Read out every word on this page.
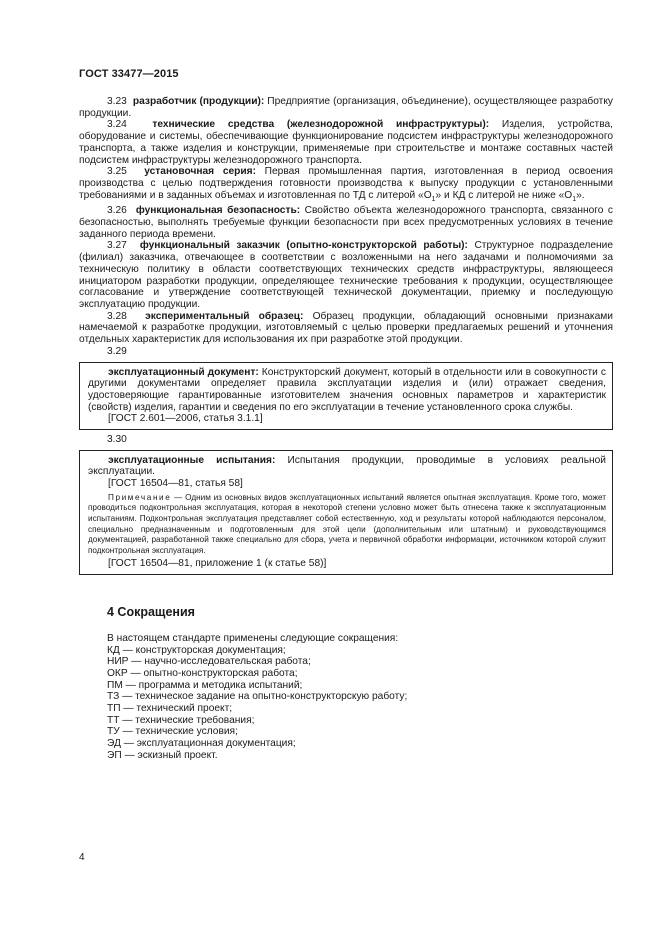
ГОСТ 33477—2015

3.23 разработчик (продукции): Предприятие (организация, объединение), осуществляющее разработку продукции.

3.24	технические средства (железнодорожной инфраструктуры): Изделия, устройства, оборудование и системы, обеспечивающие функционирование подсистем инфраструктуры железнодорожного транспорта, а также изделия и конструкции, применяемые при строительстве и монтаже составных частей подсистем инфраструктуры железнодорожного транспорта.

3.25 установочная серия: Первая промышленная партия, изготовленная в период освоения производства с целью подтверждения готовности производства к выпуску продукции с установленными требованиями и в заданных объемах и изготовленная по ТД с литерой «$О_1$» и КД с литерой не ниже «$О_1$».

3.26 функциональная безопасность: Свойство объекта железнодорожного транспорта, связанного с безопасностью, выполнять требуемые функции безопасности при всех предусмотренных условиях в течение заданного периода времени.

3.27 функциональный заказчик (опытно-конструкторской работы): Структурное подразделение (филиал) заказчика, отвечающее в соответствии с возложенными на него задачами и полномочиями за техническую политику в области соответствующих технических средств инфраструктуры, являющееся инициатором разработки продукции, определяющее технические требования к продукции, осуществляющее согласование и утверждение соответствующей технической документации, приемку и последующую эксплуатацию продукции.

3.28 экспериментальный образец: Образец продукции, обладающий основными признаками намечаемой к разработке продукции, изготовляемый с целью проверки предлагаемых решений и уточнения отдельных характеристик для использования их при разработке этой продукции.

3.29

эксплуатационный документ: Конструкторский документ, который в отдельности или в совокупности с другими документами определяет правила эксплуатации изделия и (или) отражает сведения, удостоверяющие гарантированные изготовителем значения основных параметров и характеристик (свойств) изделия, гарантии и сведения по его эксплуатации в течение установленного срока службы.

[ГОСТ 2.601—2006, статья 3.1.1]

3.30

эксплуатационные испытания: Испытания продукции, проводимые в условиях реальной эксплуатации.

[ГОСТ 16504—81, статья 58]

Примечание — Одним из основных видов эксплуатационных испытаний является опытная эксплуатация. Кроме того, может проводиться подконтрольная эксплуатация, которая в некоторой степени условно может быть отнесена также к эксплуатационным испытаниям. Подконтрольная эксплуатация представляет собой естественную, ход и результаты которой наблюдаются персоналом, специально предназначенным и подготовленным для этой цели (дополнительным или штатным) и руководствующимся документацией, разработанной также специально для сбора, учета и первичной обработки информации, источником которой служит подконтрольная эксплуатация.

[ГОСТ 16504—81, приложение 1 (к статье 58)]

4 Сокращения

В настоящем стандарте применены следующие сокращения:

КД — конструкторская документация;
НИР — научно-исследовательская работа;
ОКР — опытно-конструкторская работа;
ПМ — программа и методика испытаний;
ТЗ — техническое задание на опытно-конструкторскую работу;
ТП — технический проект;
ТТ — технические требования;
ТУ — технические условия;
ЭД — эксплуатационная документация;
ЭП — эскизный проект.
4
